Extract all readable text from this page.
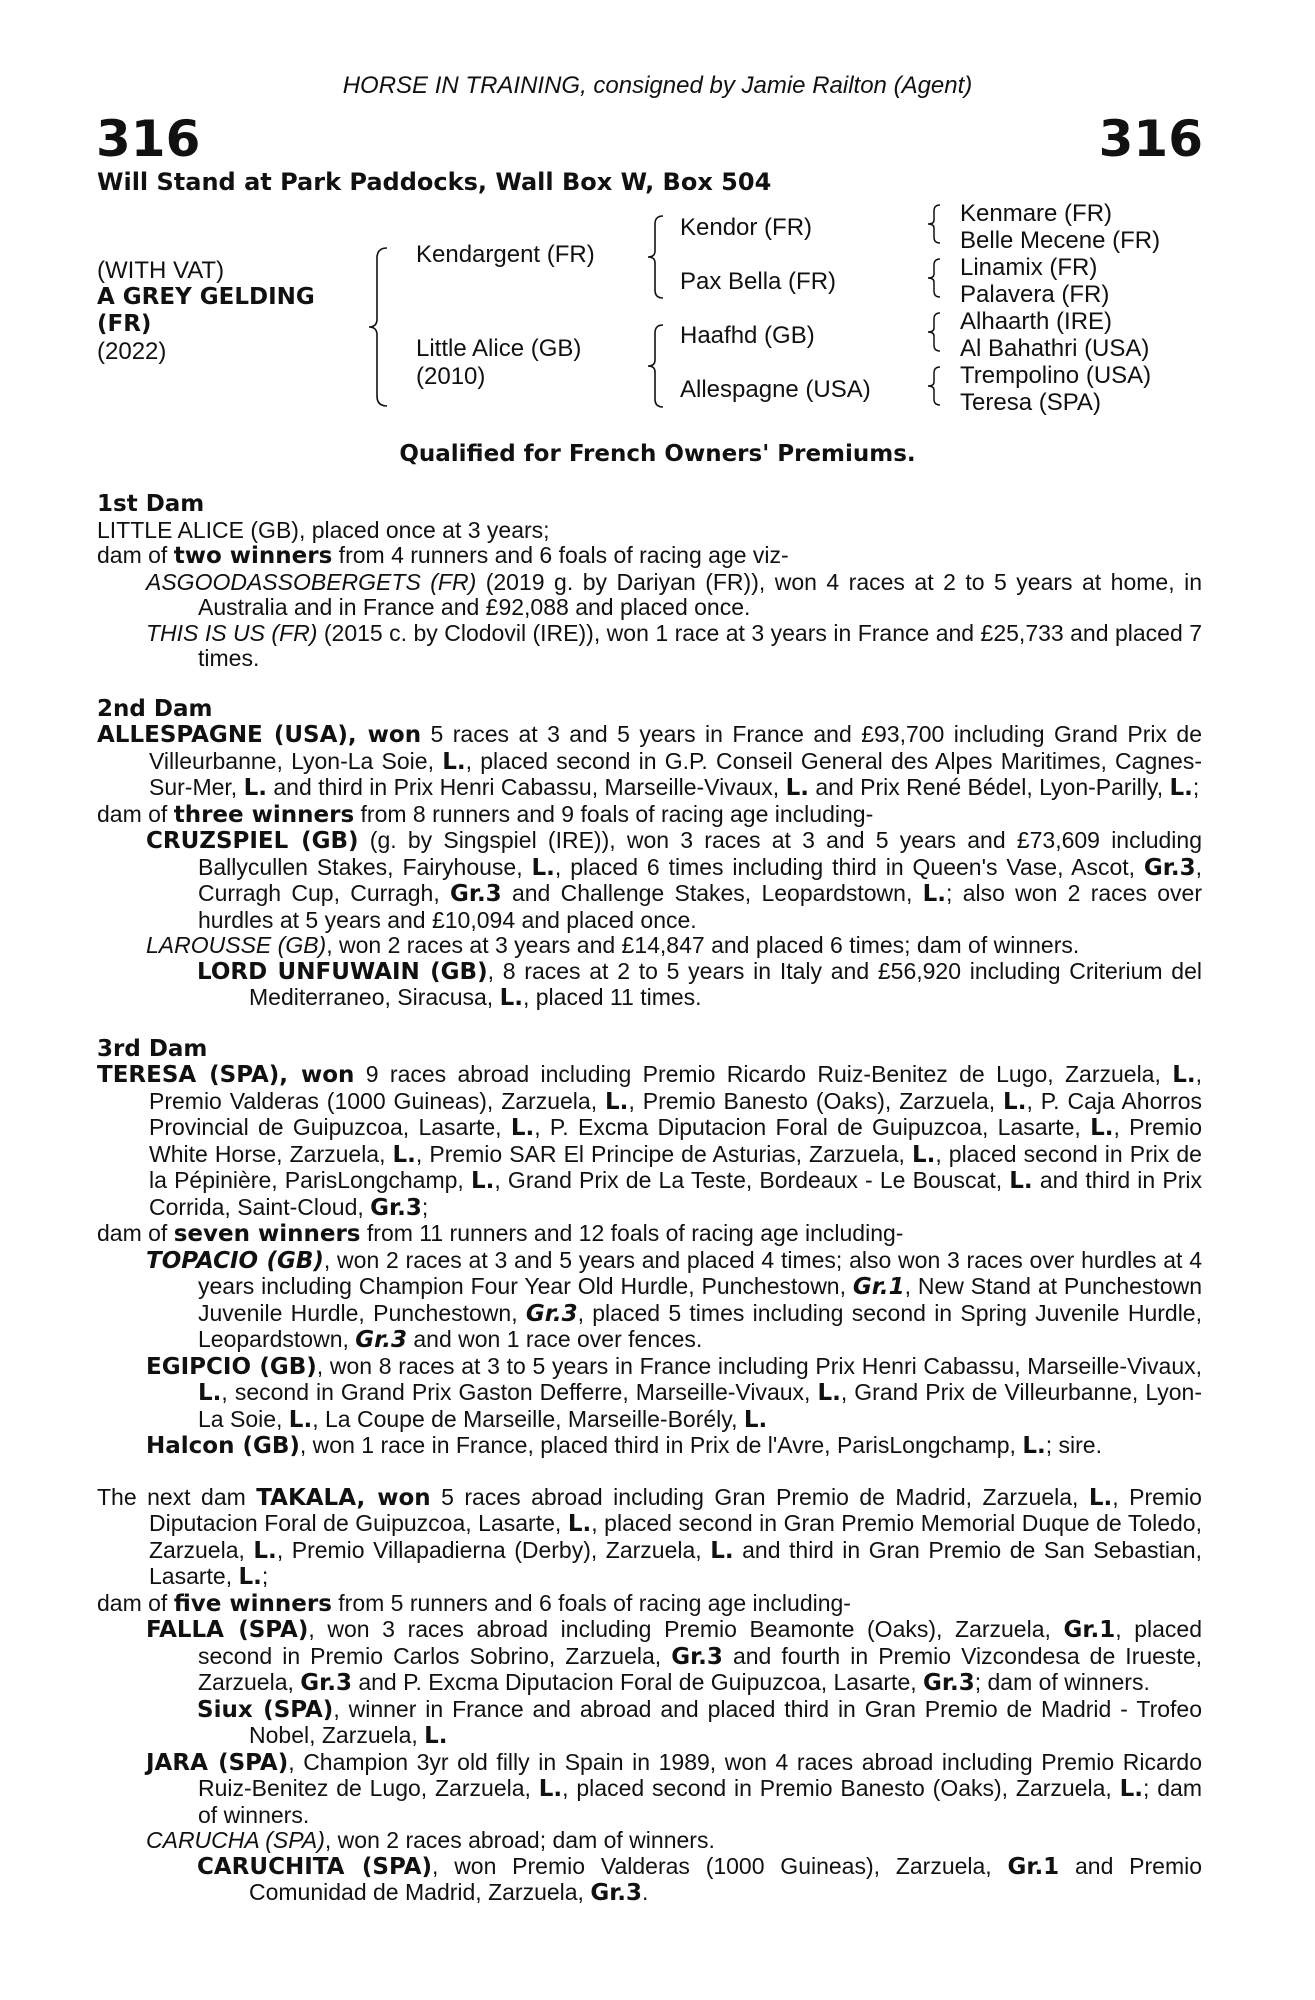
HORSE IN TRAINING, consigned by Jamie Railton (Agent)
316	316
Will Stand at Park Paddocks, Wall Box W, Box 504
(WITH VAT)
A GREY GELDING
(FR)
(2022)
Kendargent (FR)
Little Alice (GB)
(2010)
Kendor (FR)
Pax Bella (FR)
Haafhd (GB)
Allespagne (USA)
Kenmare (FR)
Belle Mecene (FR)
Linamix (FR)
Palavera (FR)
Alhaarth (IRE)
Al Bahathri (USA)
Trempolino (USA)
Teresa (SPA)
Qualified for French Owners' Premiums.
1st Dam
LITTLE ALICE (GB), placed once at 3 years;
dam of two winners from 4 runners and 6 foals of racing age viz-
ASGOODASSOBERGETS (FR) (2019 g. by Dariyan (FR)), won 4 races at 2 to 5 years at home, in Australia and in France and £92,088 and placed once.
THIS IS US (FR) (2015 c. by Clodovil (IRE)), won 1 race at 3 years in France and £25,733 and placed 7 times.
2nd Dam
ALLESPAGNE (USA), won 5 races at 3 and 5 years in France and £93,700 including Grand Prix de Villeurbanne, Lyon-La Soie, L., placed second in G.P. Conseil General des Alpes Maritimes, Cagnes-Sur-Mer, L. and third in Prix Henri Cabassu, Marseille-Vivaux, L. and Prix René Bédel, Lyon-Parilly, L.;
dam of three winners from 8 runners and 9 foals of racing age including-
CRUZSPIEL (GB) (g. by Singspiel (IRE)), won 3 races at 3 and 5 years and £73,609 including Ballycullen Stakes, Fairyhouse, L., placed 6 times including third in Queen's Vase, Ascot, Gr.3, Curragh Cup, Curragh, Gr.3 and Challenge Stakes, Leopardstown, L.; also won 2 races over hurdles at 5 years and £10,094 and placed once.
LAROUSSE (GB), won 2 races at 3 years and £14,847 and placed 6 times; dam of winners.
LORD UNFUWAIN (GB), 8 races at 2 to 5 years in Italy and £56,920 including Criterium del Mediterraneo, Siracusa, L., placed 11 times.
3rd Dam
TERESA (SPA), won 9 races abroad including Premio Ricardo Ruiz-Benitez de Lugo, Zarzuela, L., Premio Valderas (1000 Guineas), Zarzuela, L., Premio Banesto (Oaks), Zarzuela, L., P. Caja Ahorros Provincial de Guipuzcoa, Lasarte, L., P. Excma Diputacion Foral de Guipuzcoa, Lasarte, L., Premio White Horse, Zarzuela, L., Premio SAR El Principe de Asturias, Zarzuela, L., placed second in Prix de la Pépinière, ParisLongchamp, L., Grand Prix de La Teste, Bordeaux - Le Bouscat, L. and third in Prix Corrida, Saint-Cloud, Gr.3;
dam of seven winners from 11 runners and 12 foals of racing age including-
TOPACIO (GB), won 2 races at 3 and 5 years and placed 4 times; also won 3 races over hurdles at 4 years including Champion Four Year Old Hurdle, Punchestown, Gr.1, New Stand at Punchestown Juvenile Hurdle, Punchestown, Gr.3, placed 5 times including second in Spring Juvenile Hurdle, Leopardstown, Gr.3 and won 1 race over fences.
EGIPCIO (GB), won 8 races at 3 to 5 years in France including Prix Henri Cabassu, Marseille-Vivaux, L., second in Grand Prix Gaston Defferre, Marseille-Vivaux, L., Grand Prix de Villeurbanne, Lyon-La Soie, L., La Coupe de Marseille, Marseille-Borély, L.
Halcon (GB), won 1 race in France, placed third in Prix de l'Avre, ParisLongchamp, L.; sire.
The next dam TAKALA, won 5 races abroad including Gran Premio de Madrid, Zarzuela, L., Premio Diputacion Foral de Guipuzcoa, Lasarte, L., placed second in Gran Premio Memorial Duque de Toledo, Zarzuela, L., Premio Villapadierna (Derby), Zarzuela, L. and third in Gran Premio de San Sebastian, Lasarte, L.;
dam of five winners from 5 runners and 6 foals of racing age including-
FALLA (SPA), won 3 races abroad including Premio Beamonte (Oaks), Zarzuela, Gr.1, placed second in Premio Carlos Sobrino, Zarzuela, Gr.3 and fourth in Premio Vizcondesa de Irueste, Zarzuela, Gr.3 and P. Excma Diputacion Foral de Guipuzcoa, Lasarte, Gr.3; dam of winners.
Siux (SPA), winner in France and abroad and placed third in Gran Premio de Madrid - Trofeo Nobel, Zarzuela, L.
JARA (SPA), Champion 3yr old filly in Spain in 1989, won 4 races abroad including Premio Ricardo Ruiz-Benitez de Lugo, Zarzuela, L., placed second in Premio Banesto (Oaks), Zarzuela, L.; dam of winners.
CARUCHA (SPA), won 2 races abroad; dam of winners.
CARUCHITA (SPA), won Premio Valderas (1000 Guineas), Zarzuela, Gr.1 and Premio Comunidad de Madrid, Zarzuela, Gr.3.
